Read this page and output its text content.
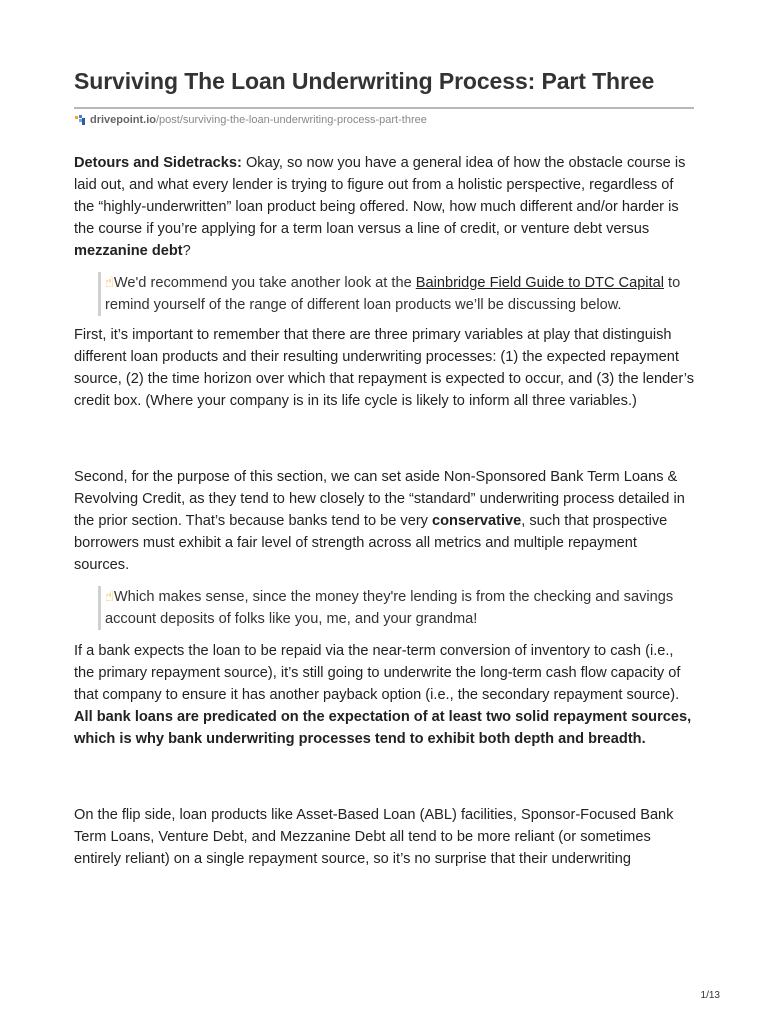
Surviving The Loan Underwriting Process: Part Three
drivepoint.io /post/surviving-the-loan-underwriting-process-part-three

Detours and Sidetracks: Okay, so now you have a general idea of how the obstacle course is laid out, and what every lender is trying to figure out from a holistic perspective, regardless of the “highly-underwritten” loan product being offered. Now, how much different and/or harder is the course if you’re applying for a term loan versus a line of credit, or venture debt versus mezzanine debt?

☝We'd recommend you take another look at the Bainbridge Field Guide to DTC Capital to remind yourself of the range of different loan products we’ll be discussing below.

First, it’s important to remember that there are three primary variables at play that distinguish different loan products and their resulting underwriting processes: (1) the expected repayment source, (2) the time horizon over which that repayment is expected to occur, and (3) the lender’s credit box. (Where your company is in its life cycle is likely to inform all three variables.)

Second, for the purpose of this section, we can set aside Non-Sponsored Bank Term Loans & Revolving Credit, as they tend to hew closely to the “standard” underwriting process detailed in the prior section. That’s because banks tend to be very conservative, such that prospective borrowers must exhibit a fair level of strength across all metrics and multiple repayment sources.

☝Which makes sense, since the money they're lending is from the checking and savings account deposits of folks like you, me, and your grandma!

If a bank expects the loan to be repaid via the near-term conversion of inventory to cash (i.e., the primary repayment source), it’s still going to underwrite the long-term cash flow capacity of that company to ensure it has another payback option (i.e., the secondary repayment source). All bank loans are predicated on the expectation of at least two solid repayment sources, which is why bank underwriting processes tend to exhibit both depth and breadth.

On the flip side, loan products like Asset-Based Loan (ABL) facilities, Sponsor-Focused Bank Term Loans, Venture Debt, and Mezzanine Debt all tend to be more reliant (or sometimes entirely reliant) on a single repayment source, so it’s no surprise that their underwriting

1/13
